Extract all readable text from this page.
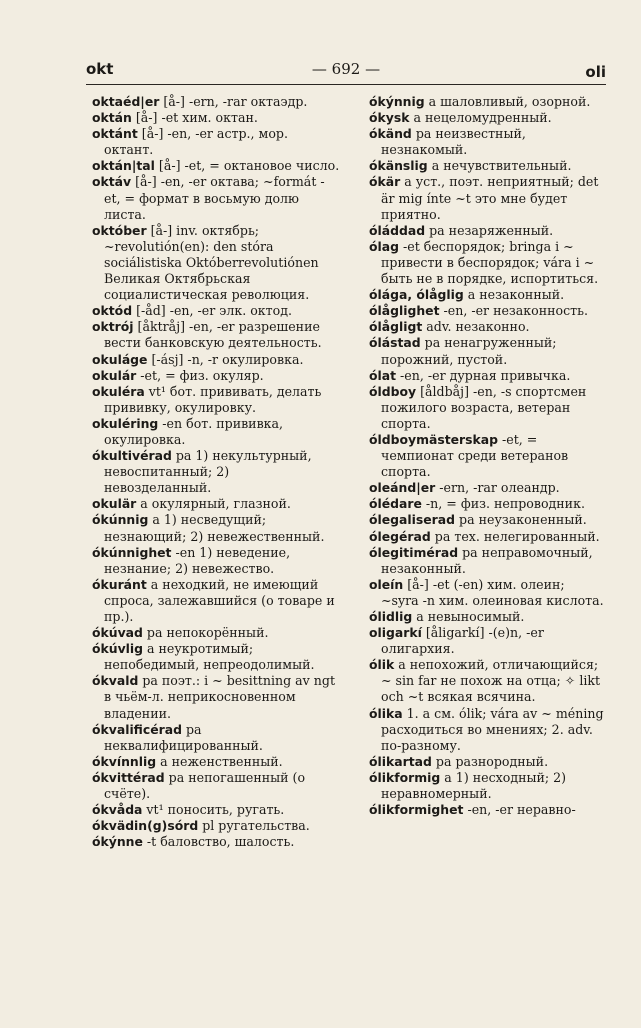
okt	— 692 —	oli

oktaéd|er [å-] -ern, -rar октаэдр.

oktán [å-] -et хим. октан.

oktánt [å-] -en, -er астр., мор. октант.

oktán|tal [å-] -et, = октановое число.

oktáv [å-] -en, -er октава; ~formát -et, = формат в восьмую долю листа.

október [å-] inv. октябрь; ~revolutión(en): den stóra sociálistiska Októberrevolutiónen Великая Октябрьская социалистическая революция.

októd [-åd] -en, -er элк. октод.

oktrój [åktråj] -en, -er разрешение вести банковскую деятельность.

okuláge [-ásj] -n, -r окулировка.

okulár -et, = физ. окуляр.

okuléra vt¹ бот. прививать, делать прививку, окулировку.

okuléring -en бот. прививка, окулировка.

ókultivérad pa 1) некультурный, невоспитанный; 2) невозделанный.

okulär a окулярный, глазной.

ókúnnig a 1) несведущий; незнающий; 2) невежественный.

ókúnnighet -en 1) неведение, незнание; 2) невежество.

ókuránt a неходкий, не имеющий спроса, залежавшийся (о товаре и пр.).

ókúvad pa непокорённый.

ókúvlig a неукротимый; непобедимый, непреодолимый.

ókvald pa поэт.: i ~ besittning av ngt в чьём-л. неприкосновенном владении.

ókvalificérad pa неквалифицированный.

ókvínnlig a неженственный.

ókvittérad pa непогашенный (о счёте).

ókvåda vt¹ поносить, ругать.

ókvädin(g)sórd pl ругательства.

ókýnne -t баловство, шалость.

ókýnnig a шаловливый, озорной.

ókysk a нецеломудренный.

ókänd pa неизвестный, незнакомый.

ókänslig a нечувствительный.

ókär a уст., поэт. неприятный; det är mig ínte ~t это мне будет приятно.

óláddad pa незаряженный.

ólag -et беспорядок; bringa i ~ привести в беспорядок; vára i ~ быть не в порядке, испортиться.

ólága, ólåglig a незаконный.

ólåglighet -en, -er незаконность.

ólågligt adv. незаконно.

ólástad pa ненагруженный; порожний, пустой.

ólat -en, -er дурная привычка.

óldboy [åldbåj] -en, -s спортсмен пожилого возраста, ветеран спорта.

óldboymästerskap -et, = чемпионат среди ветеранов спорта.

oleánd|er -ern, -rar олеандр.

ólédare -n, = физ. непроводник.

ólegaliserad pa неузаконенный.

ólegérad pa тех. нелегированный.

ólegitimérad pa неправомочный, незаконный.

oleín [å-] -et (-en) хим. олеин; ~syra -n хим. олеиновая кислота.

ólidlig a невыносимый.

oligarkí [åligarkí] -(e)n, -er олигархия.

ólik a непохожий, отличающийся; ~ sin far не похож на отца; ✧ likt och ~t всякая всячина.

ólika 1. a см. ólik; vára av ~ méning расходиться во мнениях; 2. adv. по-разному.

ólikartad pa разнородный.

ólikformig a 1) несходный; 2) неравномерный.

ólikformighet -en, -er неравно-
